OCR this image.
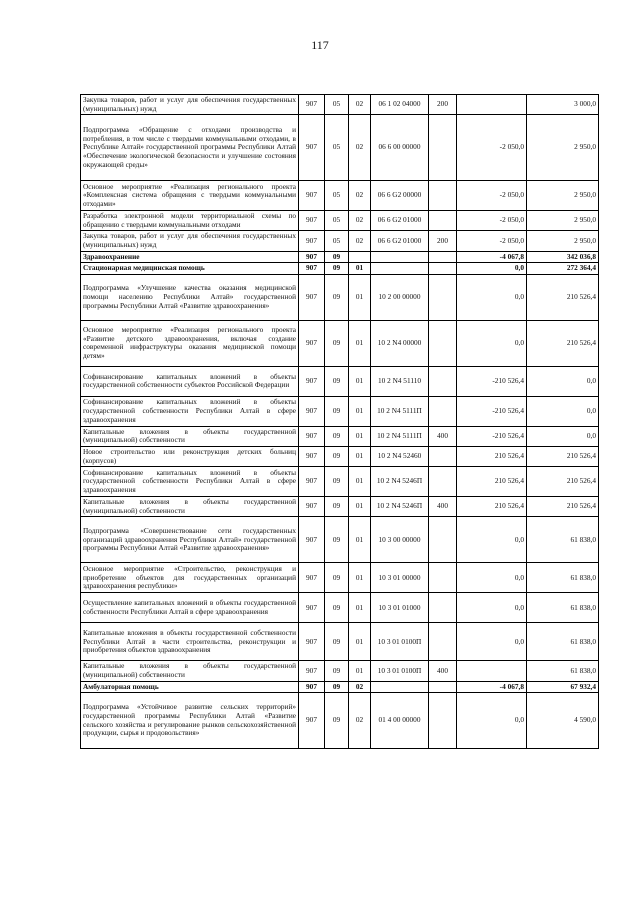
117
Закупка товаров, работ и услуг для обеспечения государственных (муниципальных) нужд	907	05	02	06 1 02 04000	200		3 000,0
Подпрограмма «Обращение с отходами производства и потребления, в том числе с твердыми коммунальными отходами, в Республике Алтай» государственной программы Республики Алтай «Обеспечение экологической безопасности и улучшение состояния окружающей среды»	907	05	02	06 6 00 00000		-2 050,0	2 950,0
Основное мероприятие «Реализация регионального проекта «Комплексная система обращения с твердыми коммунальными отходами»	907	05	02	06 6 G2 00000		-2 050,0	2 950,0
Разработка электронной модели территориальной схемы по обращению с твердыми коммунальными отходами	907	05	02	06 6 G2 01000		-2 050,0	2 950,0
Закупка товаров, работ и услуг для обеспечения государственных (муниципальных) нужд	907	05	02	06 6 G2 01000	200	-2 050,0	2 950,0
Здравоохранение	907	09				-4 067,8	342 036,8
Стационарная медицинская помощь	907	09	01			0,0	272 364,4
Подпрограмма «Улучшение качества оказания медицинской помощи населению Республики Алтай» государственной программы Республики Алтай «Развитие здравоохранения»	907	09	01	10 2 00 00000		0,0	210 526,4
Основное мероприятие «Реализация регионального проекта «Развитие детского здравоохранения, включая создание современной инфраструктуры оказания медицинской помощи детям»	907	09	01	10 2 N4 00000		0,0	210 526,4
Софинансирование капитальных вложений в объекты государственной собственности субъектов Российской Федерации	907	09	01	10 2 N4 51110		-210 526,4	0,0
Софинансирование капитальных вложений в объекты государственной собственности Республики Алтай в сфере здравоохранения	907	09	01	10 2 N4 5111П		-210 526,4	0,0
Капитальные вложения в объекты государственной (муниципальной) собственности	907	09	01	10 2 N4 5111П	400	-210 526,4	0,0
Новое строительство или реконструкция детских больниц (корпусов)	907	09	01	10 2 N4 52460		210 526,4	210 526,4
Софинансирование капитальных вложений в объекты государственной собственности Республики Алтай в сфере здравоохранения	907	09	01	10 2 N4 5246П		210 526,4	210 526,4
Капитальные вложения в объекты государственной (муниципальной) собственности	907	09	01	10 2 N4 5246П	400	210 526,4	210 526,4
Подпрограмма «Совершенствование сети государственных организаций здравоохранения Республики Алтай» государственной программы Республики Алтай «Развитие здравоохранения»	907	09	01	10 3 00 00000		0,0	61 838,0
Основное мероприятие «Строительство, реконструкция и приобретение объектов для государственных организаций здравоохранения республики»	907	09	01	10 3 01 00000		0,0	61 838,0
Осуществление капитальных вложений в объекты государственной собственности Республики Алтай в сфере здравоохранения	907	09	01	10 3 01 01000		0,0	61 838,0
Капитальные вложения в объекты государственной собственности Республики Алтай в части строительства, реконструкции и приобретения объектов здравоохранения	907	09	01	10 3 01 0100П		0,0	61 838,0
Капитальные вложения в объекты государственной (муниципальной) собственности	907	09	01	10 3 01 0100П	400		61 838,0
Амбулаторная помощь	907	09	02			-4 067,8	67 932,4
Подпрограмма «Устойчивое развитие сельских территорий» государственной программы Республики Алтай «Развитие сельского хозяйства и регулирование рынков сельскохозяйственной продукции, сырья и продовольствия»	907	09	02	01 4 00 00000		0,0	4 590,0
